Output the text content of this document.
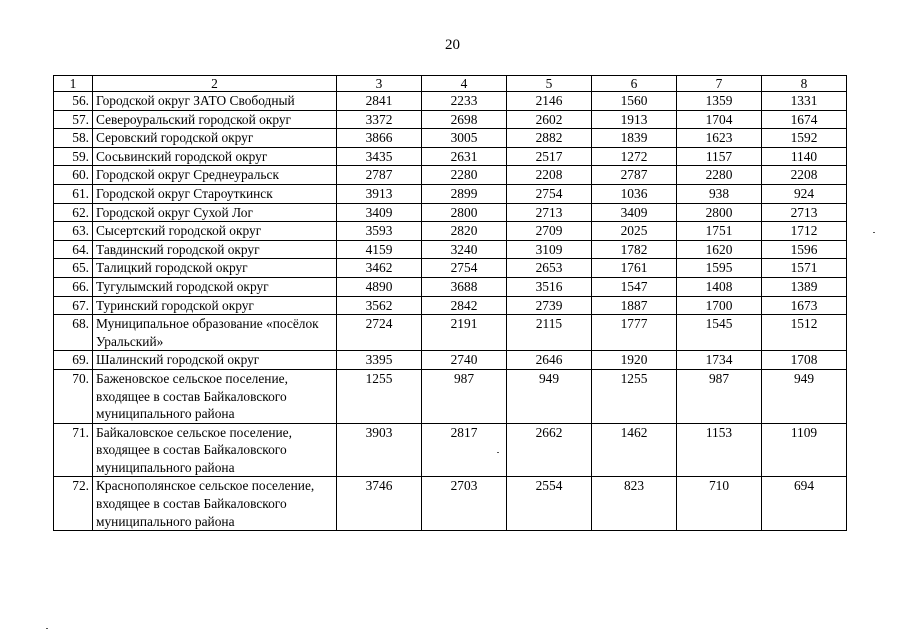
20
1	2	3	4	5	6	7	8
56.	Городской округ ЗАТО Свободный	2841	2233	2146	1560	1359	1331
57.	Североуральский городской округ	3372	2698	2602	1913	1704	1674
58.	Серовский городской округ	3866	3005	2882	1839	1623	1592
59.	Сосьвинский городской округ	3435	2631	2517	1272	1157	1140
60.	Городской округ Среднеуральск	2787	2280	2208	2787	2280	2208
61.	Городской округ Староуткинск	3913	2899	2754	1036	938	924
62.	Городской округ Сухой Лог	3409	2800	2713	3409	2800	2713
63.	Сысертский городской округ	3593	2820	2709	2025	1751	1712
64.	Тавдинский городской округ	4159	3240	3109	1782	1620	1596
65.	Талицкий городской округ	3462	2754	2653	1761	1595	1571
66.	Тугулымский городской округ	4890	3688	3516	1547	1408	1389
67.	Туринский городской округ	3562	2842	2739	1887	1700	1673
68.	Муниципальное образование «посёлок Уральский»	2724	2191	2115	1777	1545	1512
69.	Шалинский городской округ	3395	2740	2646	1920	1734	1708
70.	Баженовское сельское поселение, входящее в состав Байкаловского муниципального района	1255	987	949	1255	987	949
71.	Байкаловское сельское поселение, входящее в состав Байкаловского муниципального района	3903	2817	2662	1462	1153	1109
72.	Краснополянское сельское поселение, входящее в состав Байкаловского муниципального района	3746	2703	2554	823	710	694
